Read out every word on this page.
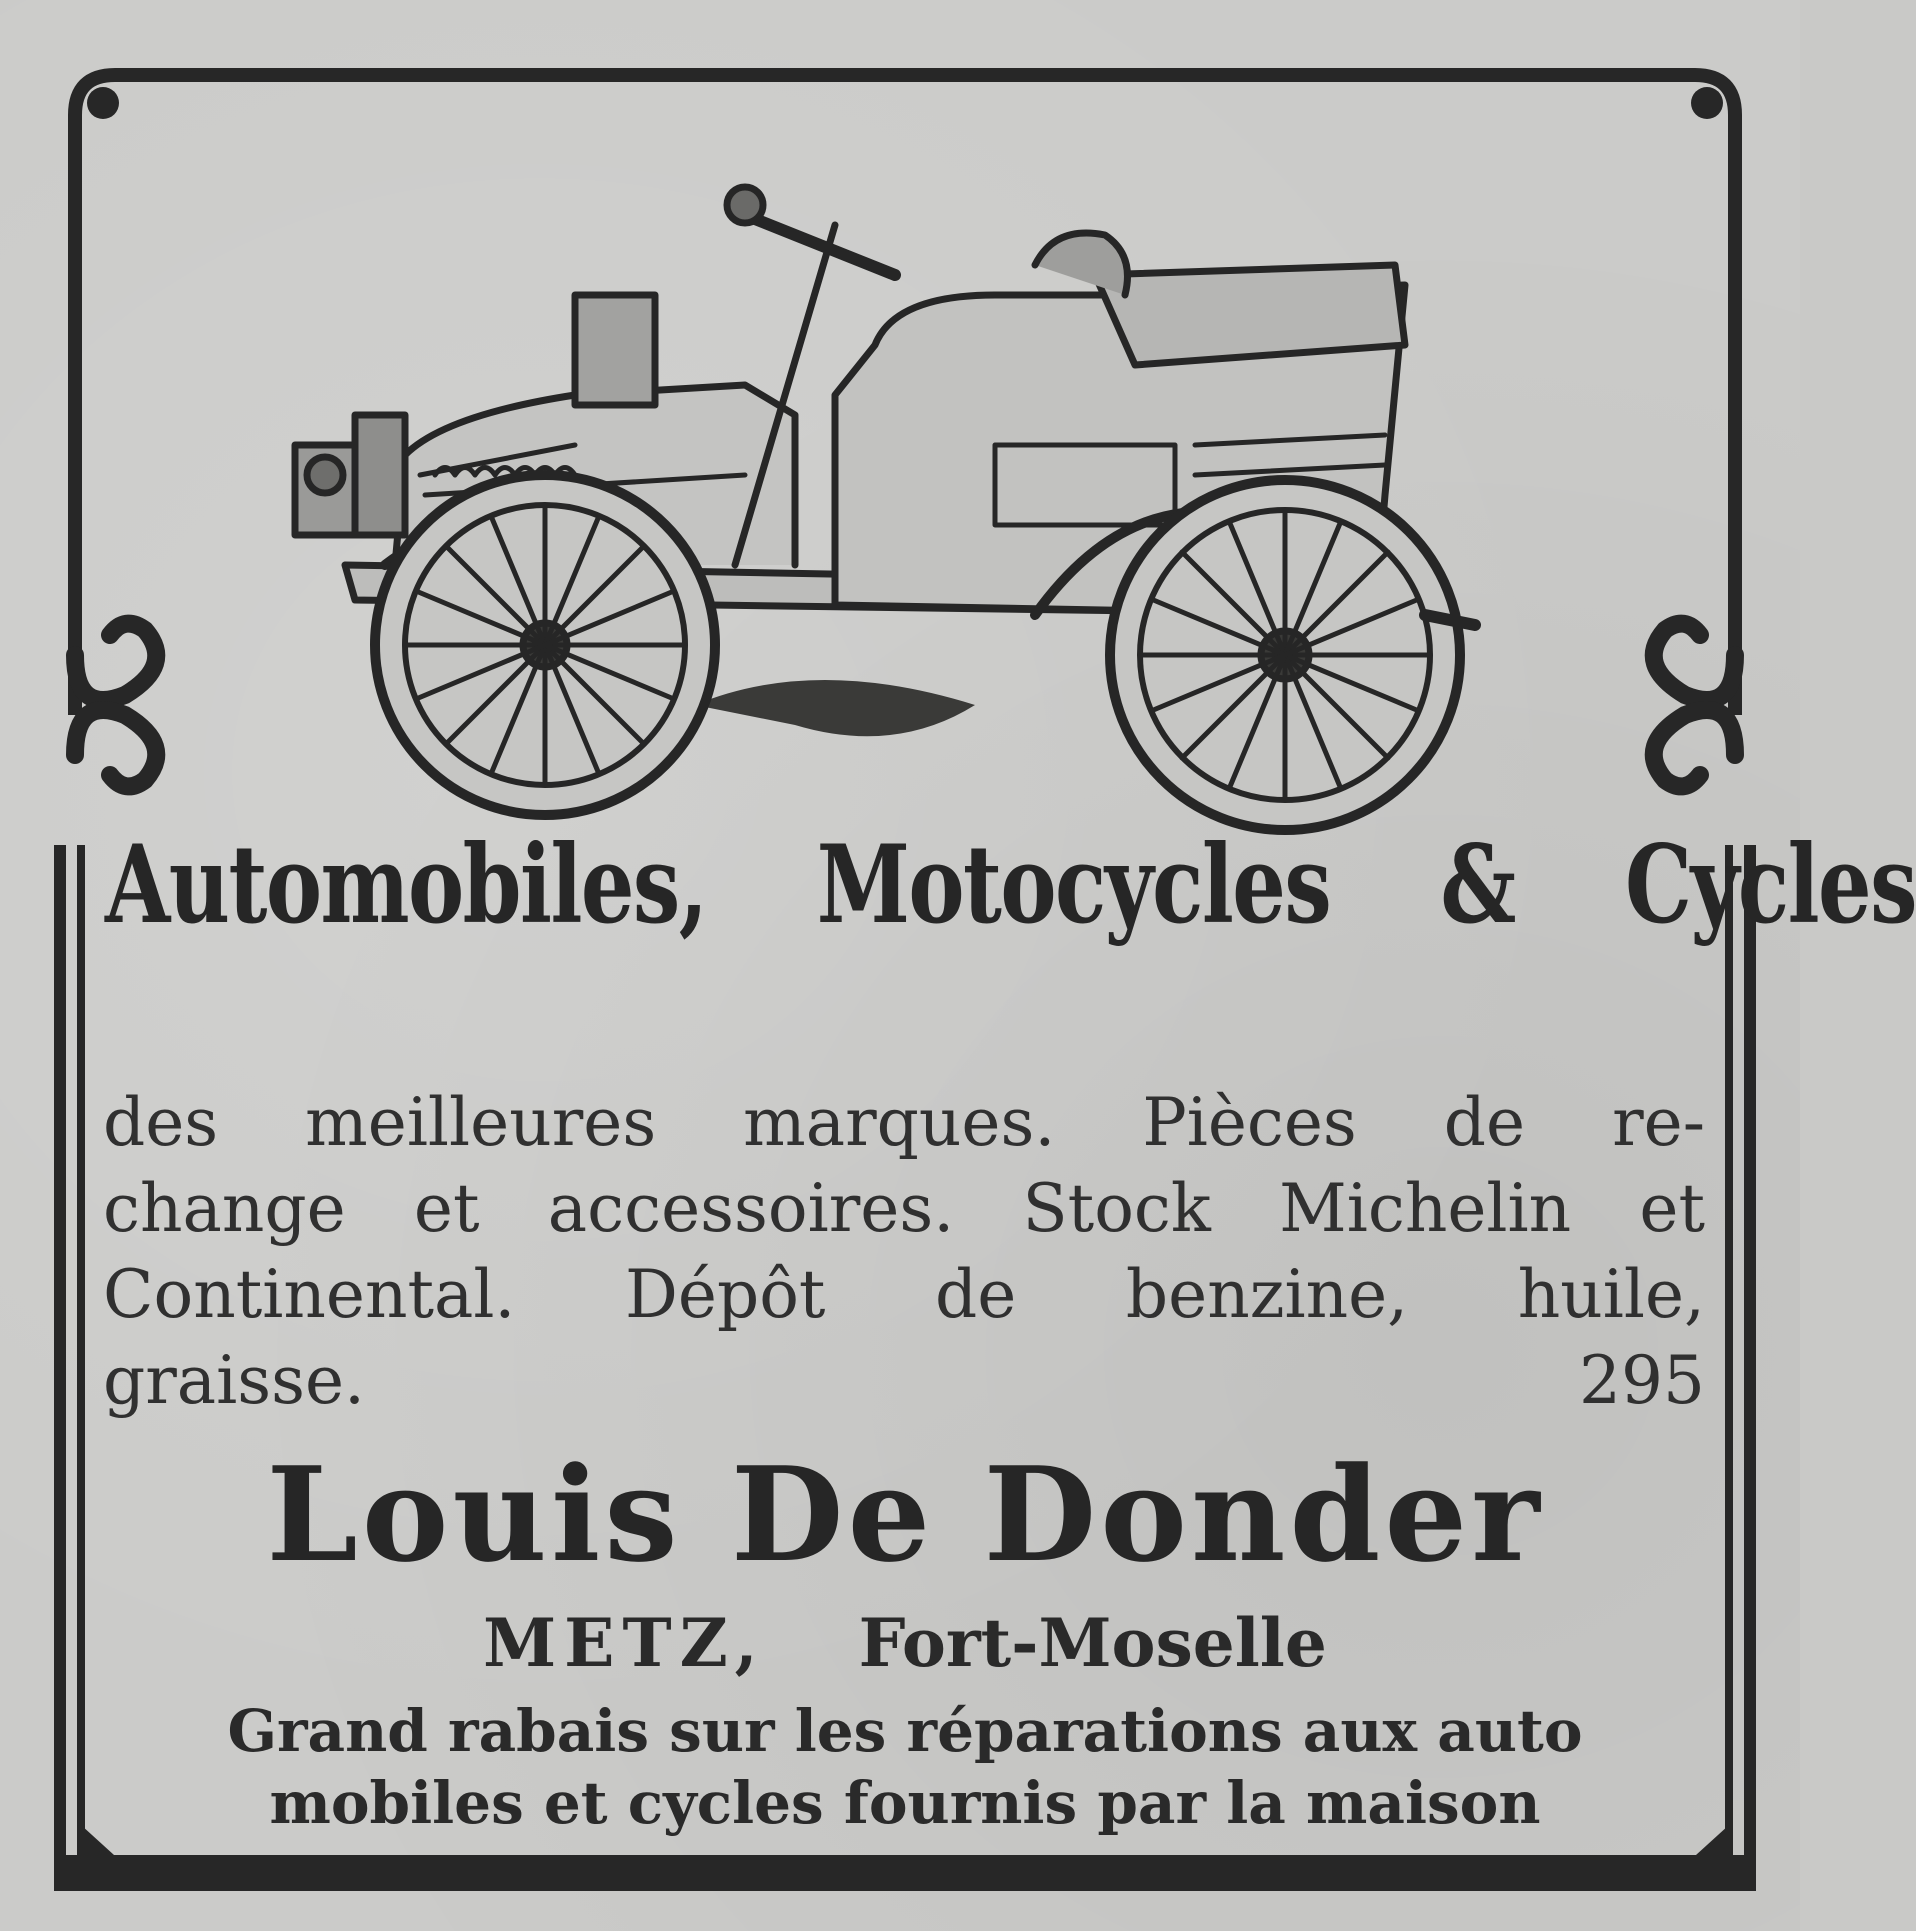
Automobiles, Motocycles & Cycles
des meilleures marques. Pièces de re-
change et accessoires. Stock Michelin et
Continental. Dépôt de benzine, huile,
graisse.	295
Louis De Donder
METZ, Fort-Moselle
Grand rabais sur les réparations aux auto
mobiles et cycles fournis par la maison
